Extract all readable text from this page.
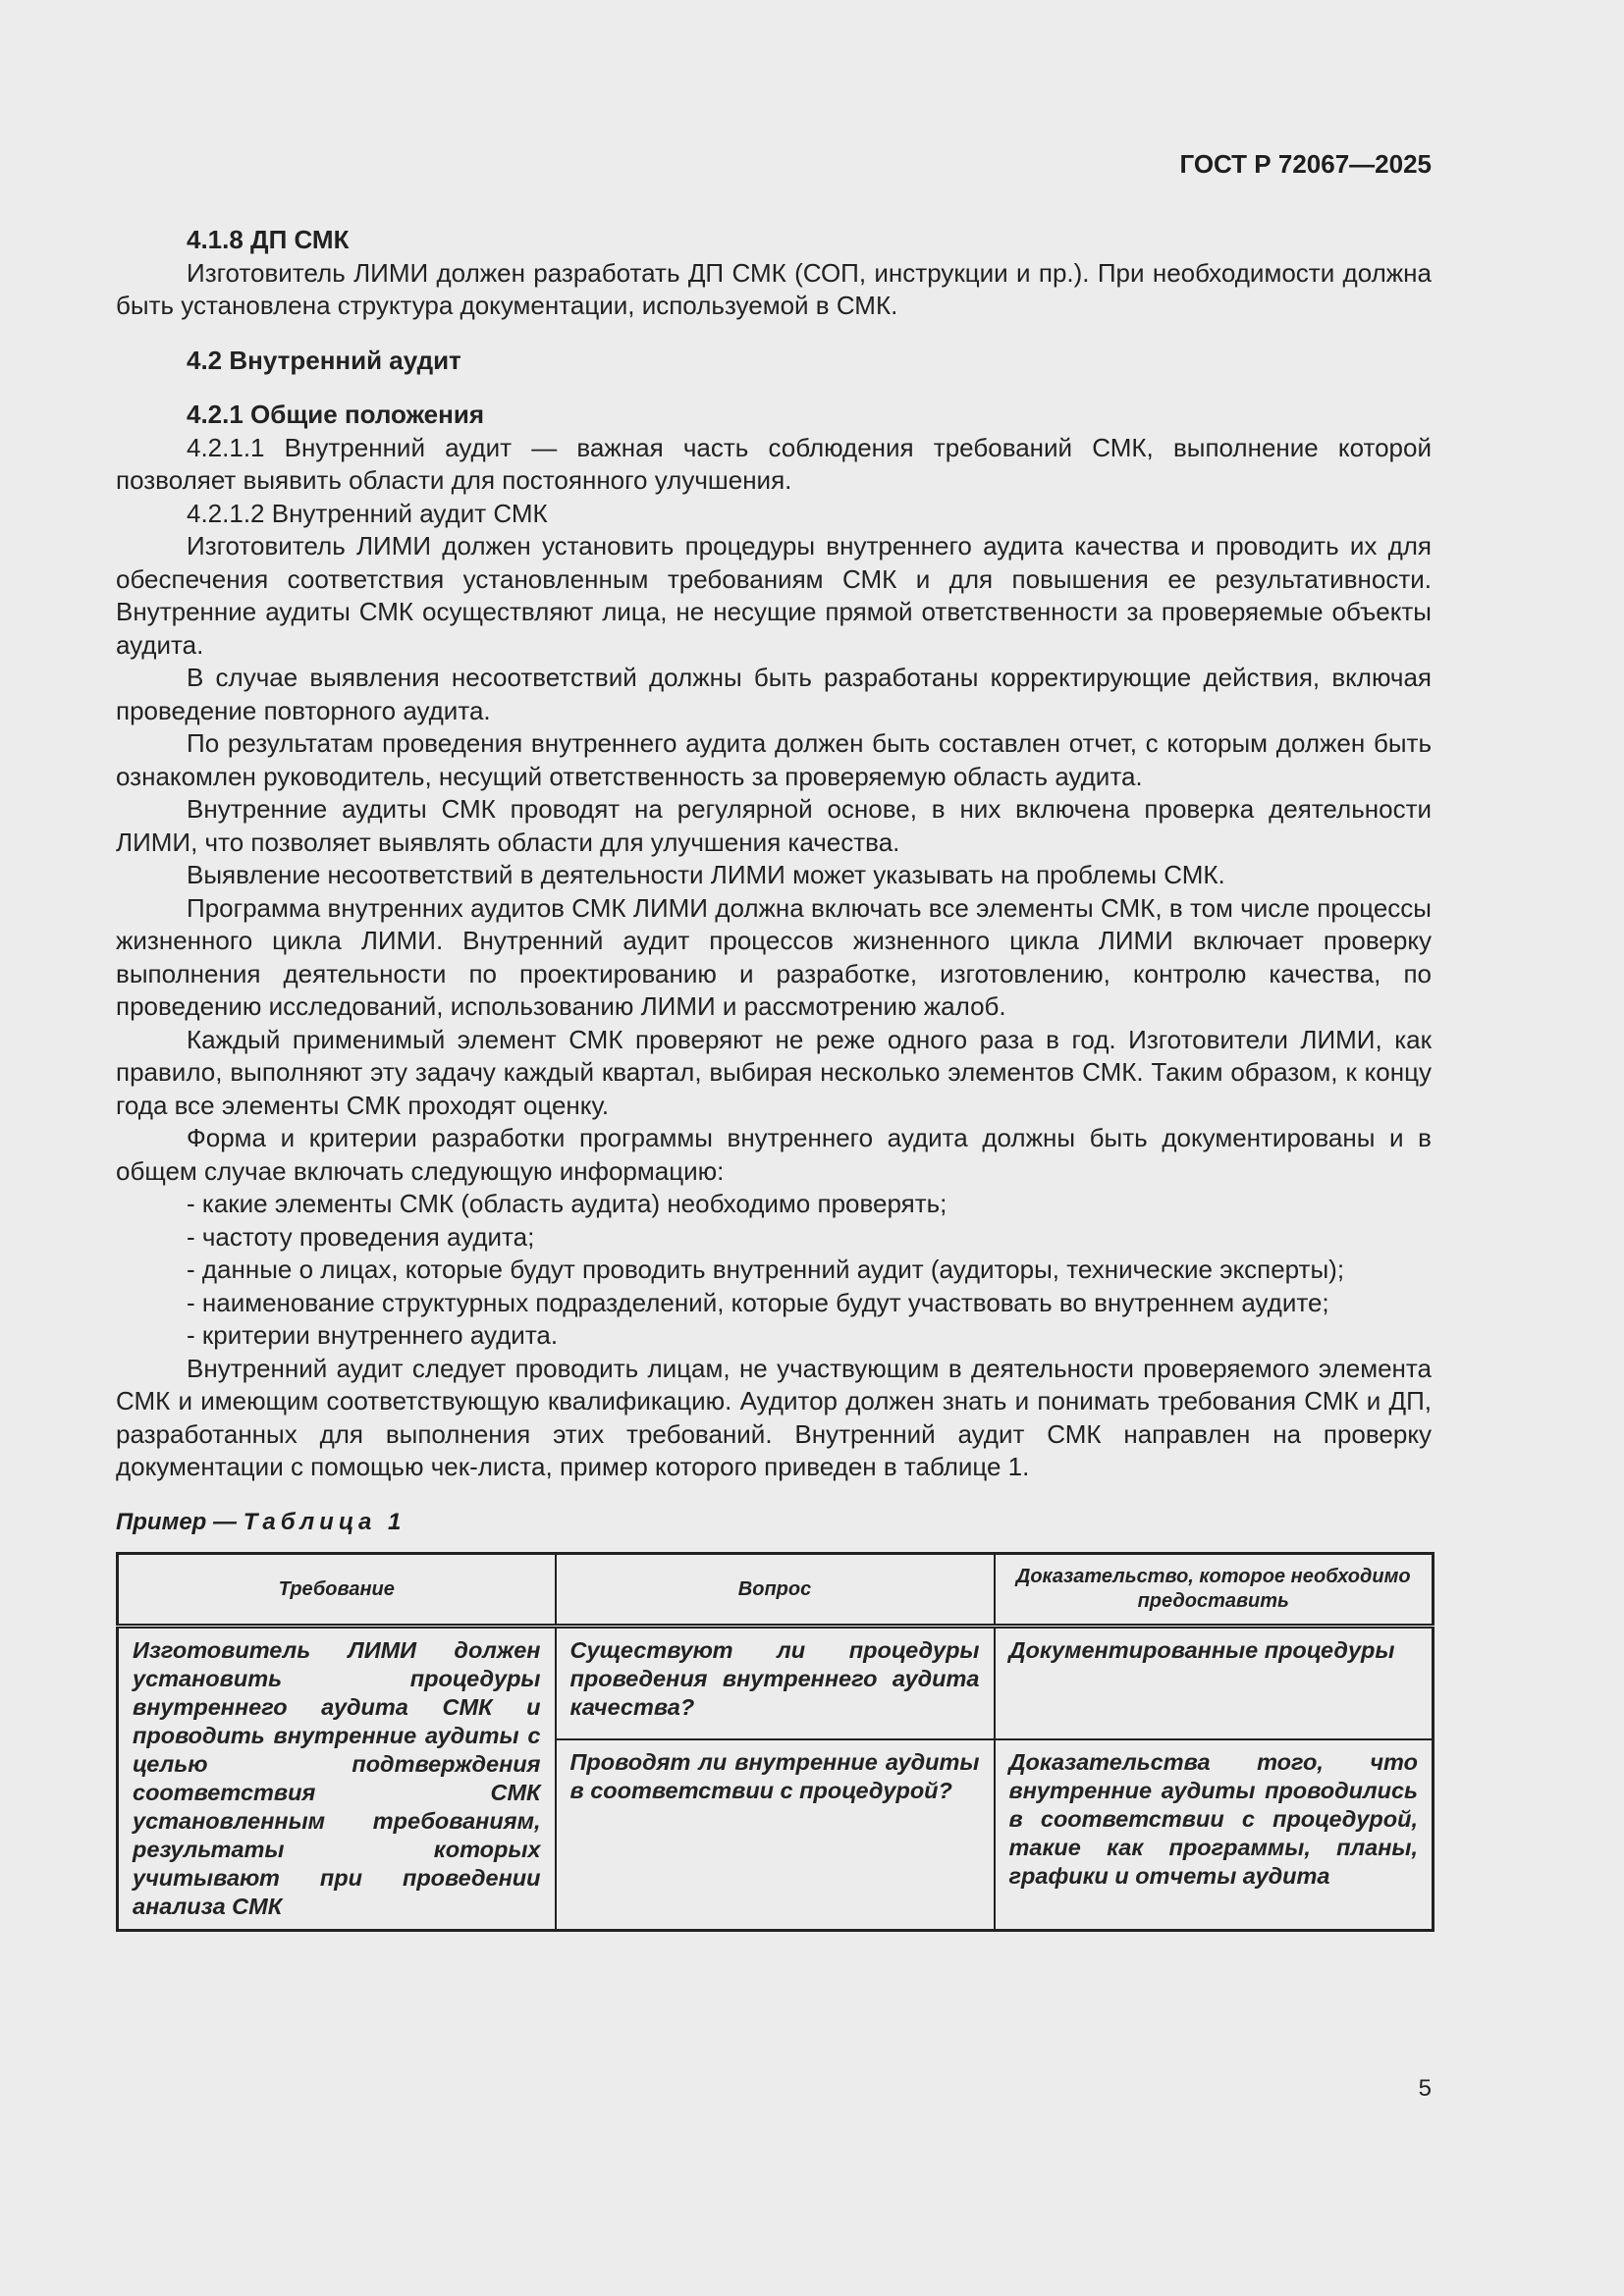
ГОСТ Р 72067—2025

4.1.8 ДП СМК

Изготовитель ЛИМИ должен разработать ДП СМК (СОП, инструкции и пр.). При необходимости должна быть установлена структура документации, используемой в СМК.

4.2 Внутренний аудит

4.2.1 Общие положения

4.2.1.1 Внутренний аудит — важная часть соблюдения требований СМК, выполнение которой позволяет выявить области для постоянного улучшения.

4.2.1.2 Внутренний аудит СМК

Изготовитель ЛИМИ должен установить процедуры внутреннего аудита качества и проводить их для обеспечения соответствия установленным требованиям СМК и для повышения ее результативности. Внутренние аудиты СМК осуществляют лица, не несущие прямой ответственности за проверяемые объекты аудита.

В случае выявления несоответствий должны быть разработаны корректирующие действия, включая проведение повторного аудита.

По результатам проведения внутреннего аудита должен быть составлен отчет, с которым должен быть ознакомлен руководитель, несущий ответственность за проверяемую область аудита.

Внутренние аудиты СМК проводят на регулярной основе, в них включена проверка деятельности ЛИМИ, что позволяет выявлять области для улучшения качества.

Выявление несоответствий в деятельности ЛИМИ может указывать на проблемы СМК.

Программа внутренних аудитов СМК ЛИМИ должна включать все элементы СМК, в том числе процессы жизненного цикла ЛИМИ. Внутренний аудит процессов жизненного цикла ЛИМИ включает проверку выполнения деятельности по проектированию и разработке, изготовлению, контролю качества, по проведению исследований, использованию ЛИМИ и рассмотрению жалоб.

Каждый применимый элемент СМК проверяют не реже одного раза в год. Изготовители ЛИМИ, как правило, выполняют эту задачу каждый квартал, выбирая несколько элементов СМК. Таким образом, к концу года все элементы СМК проходят оценку.

Форма и критерии разработки программы внутреннего аудита должны быть документированы и в общем случае включать следующую информацию:

- какие элементы СМК (область аудита) необходимо проверять;

- частоту проведения аудита;

- данные о лицах, которые будут проводить внутренний аудит (аудиторы, технические эксперты);

- наименование структурных подразделений, которые будут участвовать во внутреннем аудите;

- критерии внутреннего аудита.

Внутренний аудит следует проводить лицам, не участвующим в деятельности проверяемого элемента СМК и имеющим соответствующую квалификацию. Аудитор должен знать и понимать требования СМК и ДП, разработанных для выполнения этих требований. Внутренний аудит СМК направлен на проверку документации с помощью чек-листа, пример которого приведен в таблице 1.

Пример — Таблица 1
Требование	Вопрос	Доказательство, которое необходимо предоставить
Изготовитель ЛИМИ должен установить процедуры внутреннего аудита СМК и проводить внутренние аудиты с целью подтверждения соответствия СМК установленным требованиям, результаты которых учитывают при проведении анализа СМК	Существуют ли процедуры проведения внутреннего аудита качества?	Документированные процедуры
	Проводят ли внутренние аудиты в соответствии с процедурой?	Доказательства того, что внутренние аудиты проводились в соответствии с процедурой, такие как программы, планы, графики и отчеты аудита
5
